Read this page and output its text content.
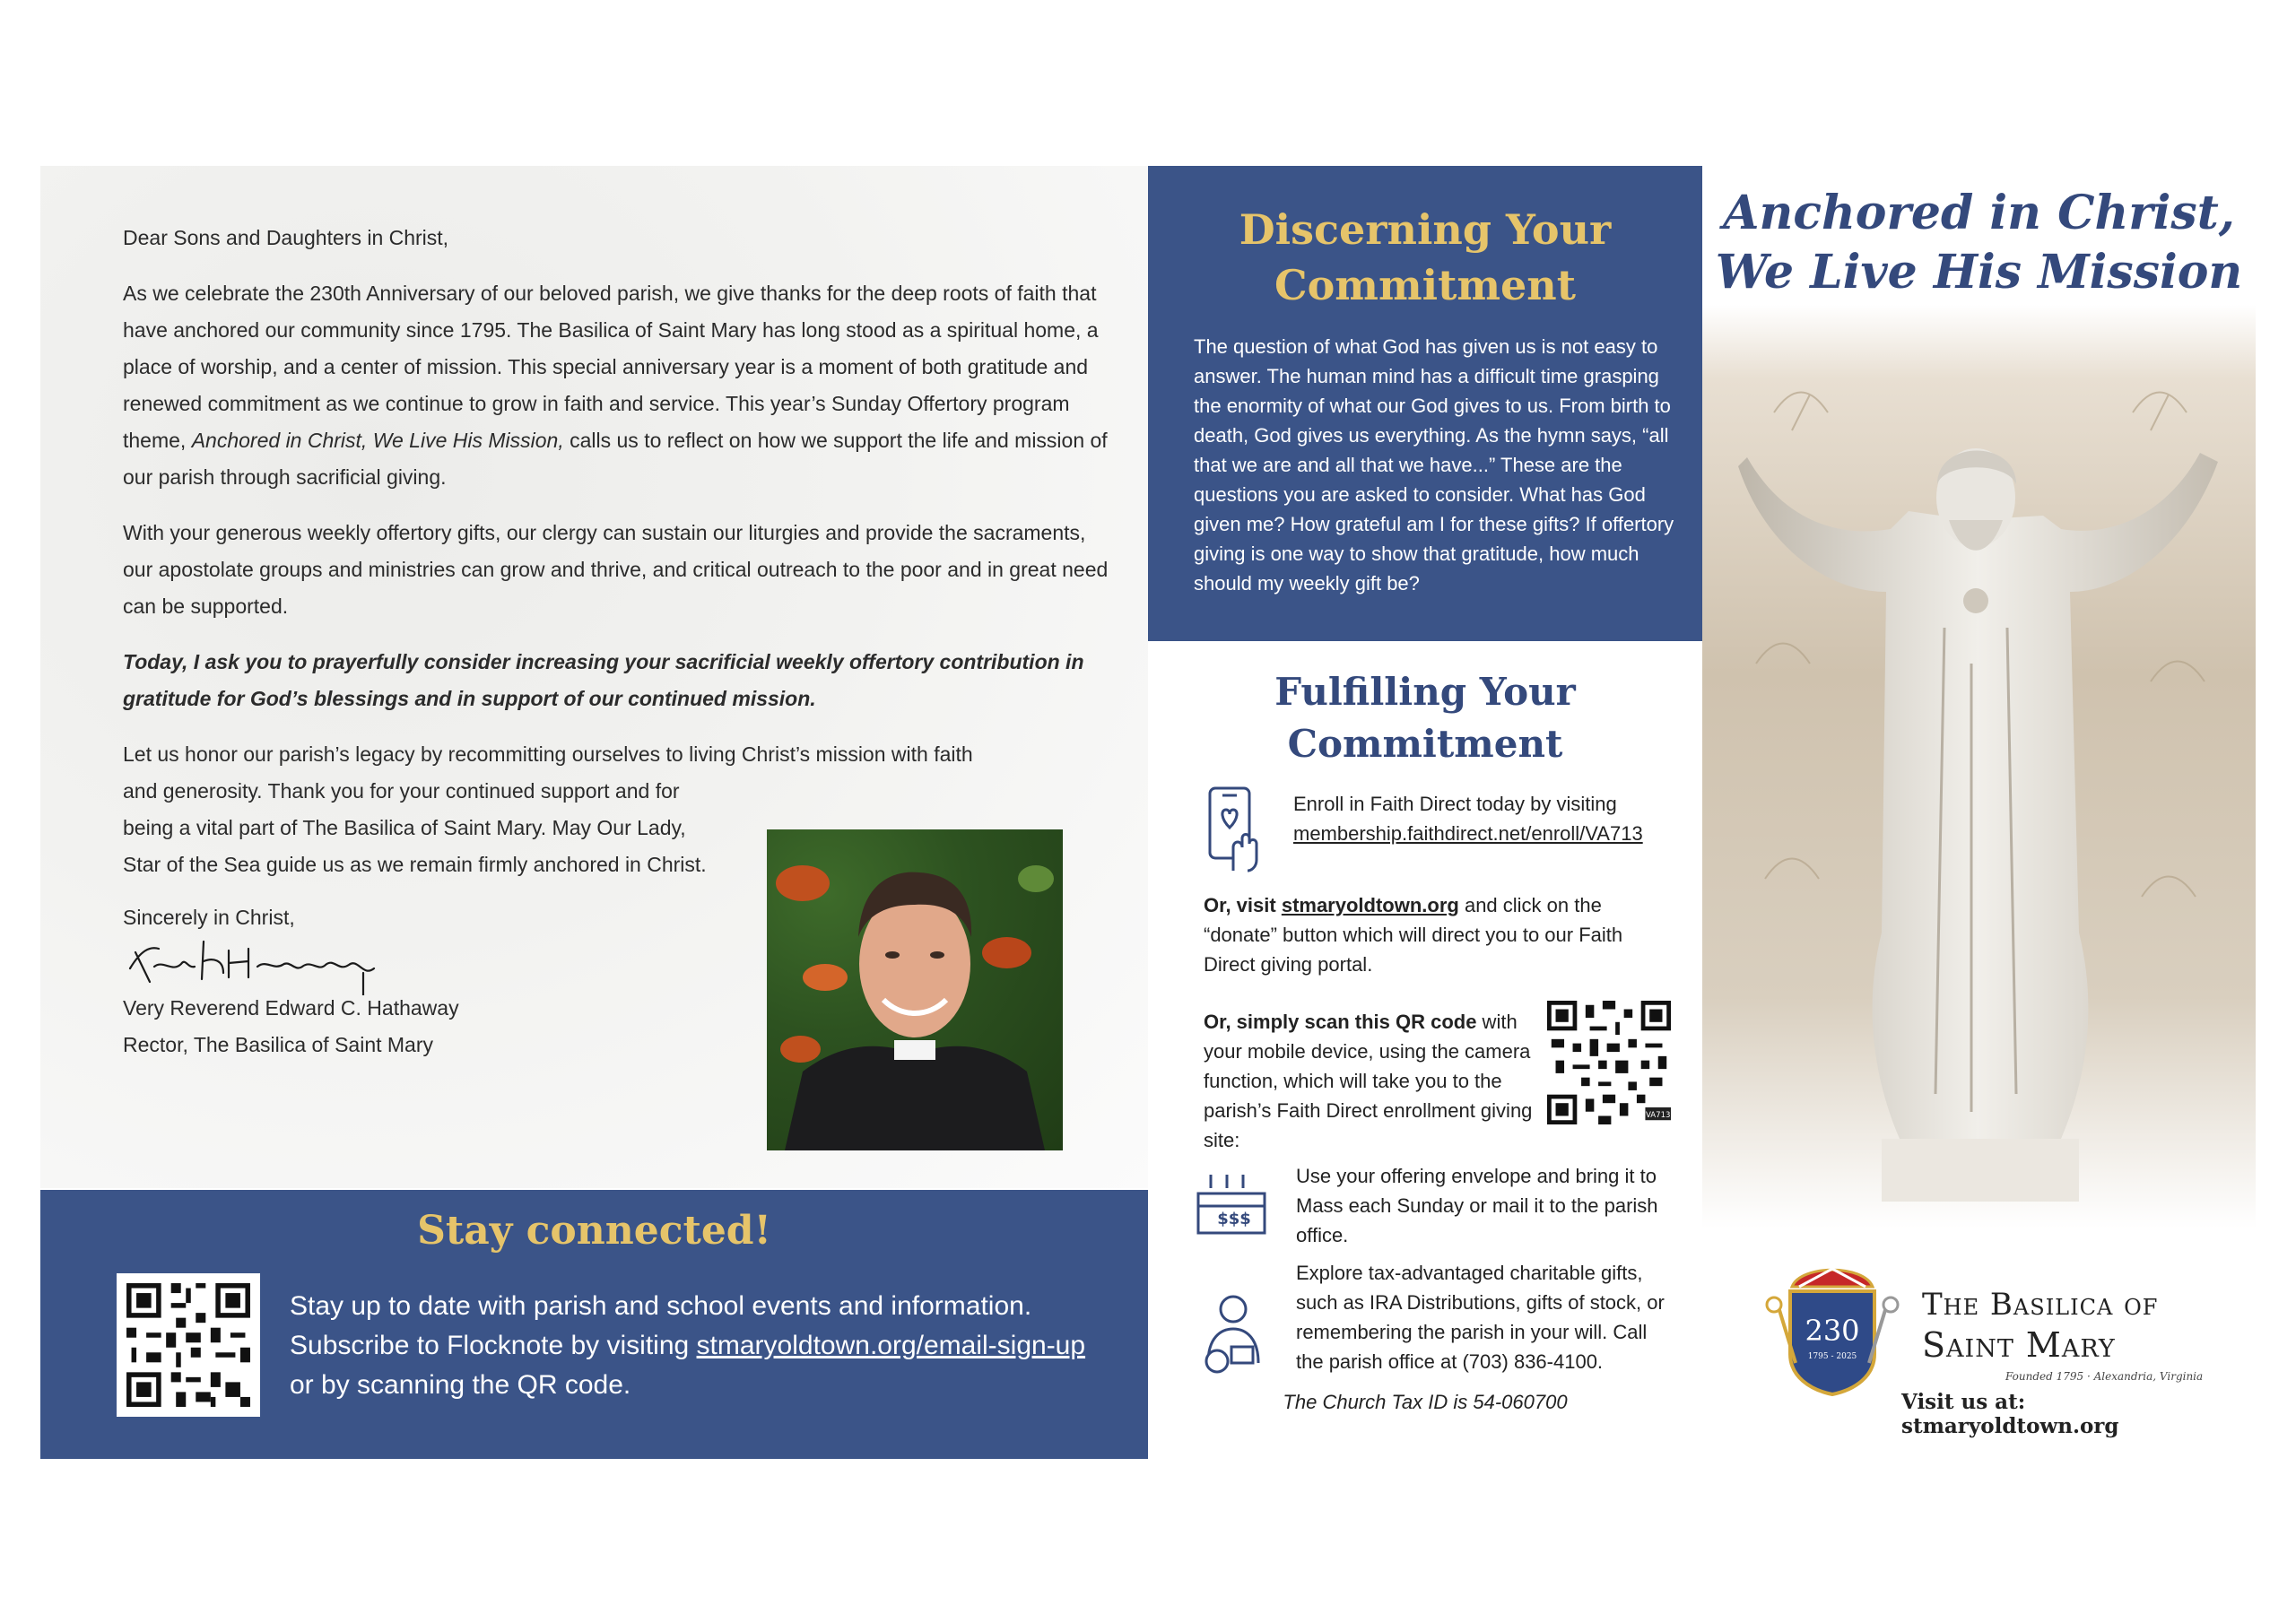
Dear Sons and Daughters in Christ,

As we celebrate the 230th Anniversary of our beloved parish, we give thanks for the deep roots of faith that have anchored our community since 1795. The Basilica of Saint Mary has long stood as a spiritual home, a place of worship, and a center of mission. This special anniversary year is a moment of both gratitude and renewed commitment as we continue to grow in faith and service. This year’s Sunday Offertory program theme, Anchored in Christ, We Live His Mission, calls us to reflect on how we support the life and mission of our parish through sacrificial giving.

With your generous weekly offertory gifts, our clergy can sustain our liturgies and provide the sacraments, our apostolate groups and ministries can grow and thrive, and critical outreach to the poor and in great need can be supported.

Today, I ask you to prayerfully consider increasing your sacrificial weekly offertory contribution in gratitude for God’s blessings and in support of our continued mission.

Let us honor our parish’s legacy by recommitting ourselves to living Christ’s mission with faith
and generosity. Thank you for your continued support and for
being a vital part of The Basilica of Saint Mary. May Our Lady,
Star of the Sea guide us as we remain firmly anchored in Christ.

Sincerely in Christ,
Very Reverend Edward C. Hathaway
Rector, The Basilica of Saint Mary
Stay connected!
Stay up to date with parish and school events and information.
Subscribe to Flocknote by visiting stmaryoldtown.org/email-sign-up
or by scanning the QR code.
Discerning Your
Commitment
The question of what God has given us is not easy to answer. The human mind has a difficult time grasping the enormity of what our God gives to us. From birth to death, God gives us everything. As the hymn says, “all that we are and all that we have...” These are the questions you are asked to consider. What has God given me? How grateful am I for these gifts? If offertory giving is one way to show that gratitude, how much should my weekly gift be?
Fulfilling Your
Commitment
Enroll in Faith Direct today by visiting
membership.faithdirect.net/enroll/VA713
Or, visit stmaryoldtown.org and click on the “donate” button which will direct you to our Faith Direct giving portal.
Or, simply scan this QR code with your mobile device, using the camera function, which will take you to the parish’s Faith Direct enrollment giving site:
VA713
$$$
Use your offering envelope and bring it to Mass each Sunday or mail it to the parish office.
Explore tax-advantaged charitable gifts, such as IRA Distributions, gifts of stock, or remembering the parish in your will. Call the parish office at (703) 836-4100.
The Church Tax ID is 54-060700
Anchored in Christ,
We Live His Mission
230
1795 - 2025
The Basilica of
Saint Mary
Founded 1795 · Alexandria, Virginia
Visit us at: stmaryoldtown.org
